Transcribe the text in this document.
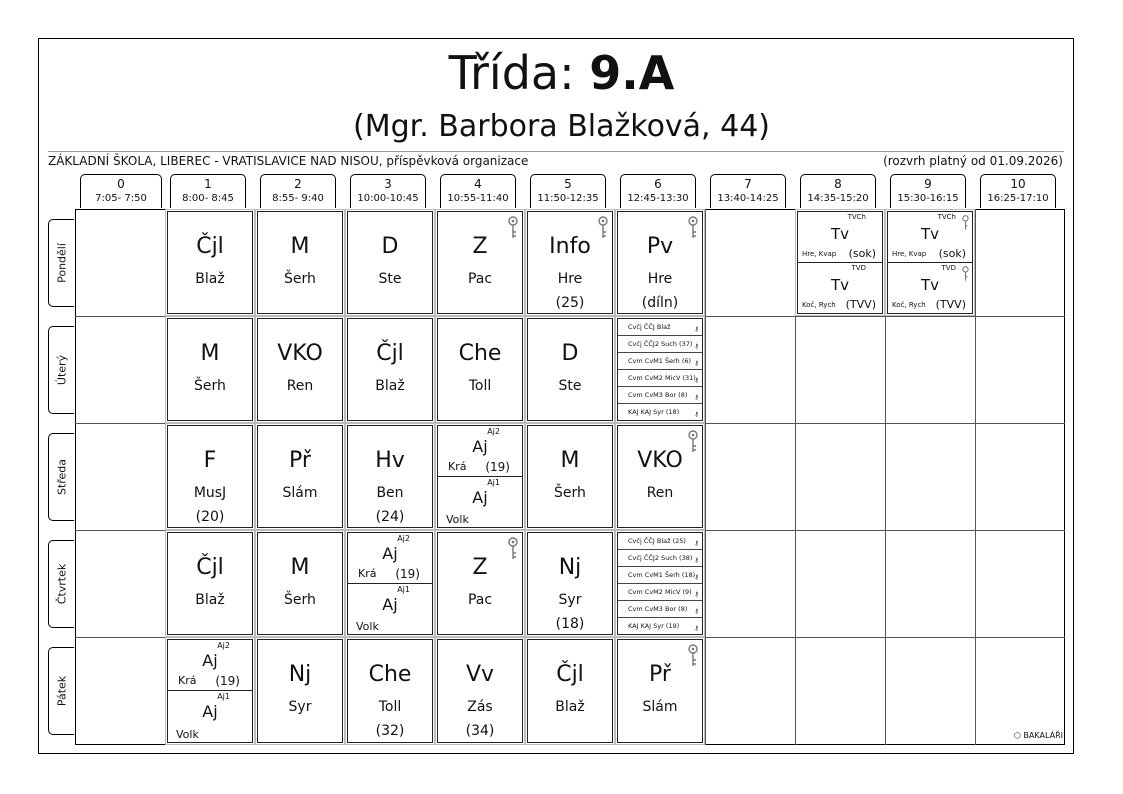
Třída: 9.A
(Mgr. Barbora Blažková, 44)
ZÁKLADNÍ ŠKOLA, LIBEREC - VRATISLAVICE NAD NISOU, příspěvková organizace	(rozvrh platný od 01.09.2026)
0
7:05- 7:50
1
8:00- 8:45
2
8:55- 9:40
3
10:00-10:45
4
10:55-11:40
5
11:50-12:35
6
12:45-13:30
7
13:40-14:25
8
14:35-15:20
9
15:30-16:15
10
16:25-17:10
Pondělí
Úterý
Středa
Čtvrtek
Pátek
Čjl
Blaž
M
Šerh
D
Ste
Z
Pac
Info
Hre
(25)
Pv
Hre
(díln)
TVCh
Tv
Hre, Kvap (sok)
TVD
Tv
Koč, Rych (TVV)
TVCh
Tv
Hre, Kvap (sok)
TVD
Tv
Koč, Rych (TVV)
M
Šerh
VKO
Ren
Čjl
Blaž
Che
Toll
D
Ste
Cvčj ČČJ Blaž	⚷
Cvčj ČČJ2 Such (37) ⚷
Cvm CvM1 Šerh (6) ⚷
Cvm CvM2 MicV (31)
⚷
Cvm CvM3 Bor (8) ⚷
KAJ KAJ Syr (18) ⚷
F
MusJ
(20)
Př
Slám
Hv
Ben
(24)
Aj2
Aj
Krá (19)
Aj1
Aj
Volk
M
Šerh
VKO
Ren
Čjl
Blaž
M
Šerh
Aj2
Aj
Krá (19)
Aj1
Aj
Volk
Z
Pac
Nj
Syr
(18)
Cvčj ČČJ Blaž (25) ⚷
Cvčj ČČJ2 Such (38) ⚷
Cvm CvM1 Šerh (18) ⚷
Cvm CvM2 MicV (9) ⚷
Cvm CvM3 Bor (8) ⚷
KAJ KAJ Syr (19) ⚷
Aj2
Aj
Krá (19)
Aj1
Aj
Volk
Nj
Syr
Che
Toll
(32)
Vv
Zás
(34)
Čjl
Blaž
Př
Slám
⬡ BAKALÁŘI
